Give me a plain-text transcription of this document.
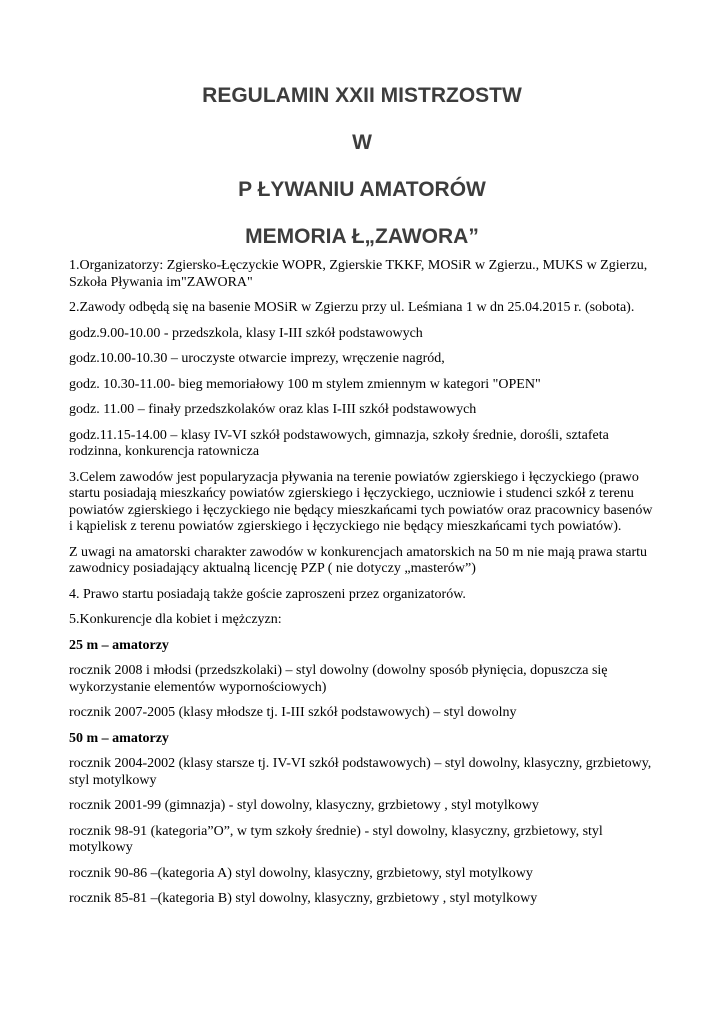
REGULAMIN XXII MISTRZOSTW
W
P ŁYWANIU AMATORÓW
MEMORIA Ł„ZAWORA”

1.Organizatorzy: Zgiersko-Łęczyckie WOPR, Zgierskie TKKF, MOSiR w Zgierzu., MUKS w Zgierzu, Szkoła Pływania im"ZAWORA"

2.Zawody odbędą się na basenie MOSiR w Zgierzu przy ul. Leśmiana 1 w dn 25.04.2015 r. (sobota).

godz.9.00-10.00 - przedszkola, klasy I-III szkół podstawowych

godz.10.00-10.30 – uroczyste otwarcie imprezy, wręczenie nagród,

godz. 10.30-11.00- bieg memoriałowy 100 m stylem zmiennym w kategori "OPEN"

godz. 11.00 – finały przedszkolaków oraz klas I-III szkół podstawowych

godz.11.15-14.00 – klasy IV-VI szkół podstawowych, gimnazja, szkoły średnie, dorośli, sztafeta rodzinna, konkurencja ratownicza

3.Celem zawodów jest popularyzacja pływania na terenie powiatów zgierskiego i łęczyckiego (prawo startu posiadają mieszkańcy powiatów zgierskiego i łęczyckiego, uczniowie i studenci szkół z terenu powiatów zgierskiego i łęczyckiego nie będący mieszkańcami tych powiatów oraz pracownicy basenów i kąpielisk z terenu powiatów zgierskiego i łęczyckiego nie będący mieszkańcami tych powiatów).

Z uwagi na amatorski charakter zawodów w konkurencjach amatorskich na 50 m nie mają prawa startu zawodnicy posiadający aktualną licencję PZP ( nie dotyczy „masterów”)

4. Prawo startu posiadają także goście zaproszeni przez organizatorów.

5.Konkurencje dla kobiet i mężczyzn:

25 m – amatorzy

rocznik 2008 i młodsi (przedszkolaki) – styl dowolny (dowolny sposób płynięcia, dopuszcza się wykorzystanie elementów wypornościowych)

rocznik 2007-2005 (klasy młodsze tj. I-III szkół podstawowych) – styl dowolny

50 m – amatorzy

rocznik 2004-2002 (klasy starsze tj. IV-VI szkół podstawowych) – styl dowolny, klasyczny, grzbietowy, styl motylkowy

rocznik 2001-99 (gimnazja) - styl dowolny, klasyczny, grzbietowy , styl motylkowy

rocznik 98-91 (kategoria”O”, w tym szkoły średnie) - styl dowolny, klasyczny, grzbietowy, styl motylkowy

rocznik 90-86 –(kategoria A) styl dowolny, klasyczny, grzbietowy, styl motylkowy

rocznik 85-81 –(kategoria B) styl dowolny, klasyczny, grzbietowy , styl motylkowy
